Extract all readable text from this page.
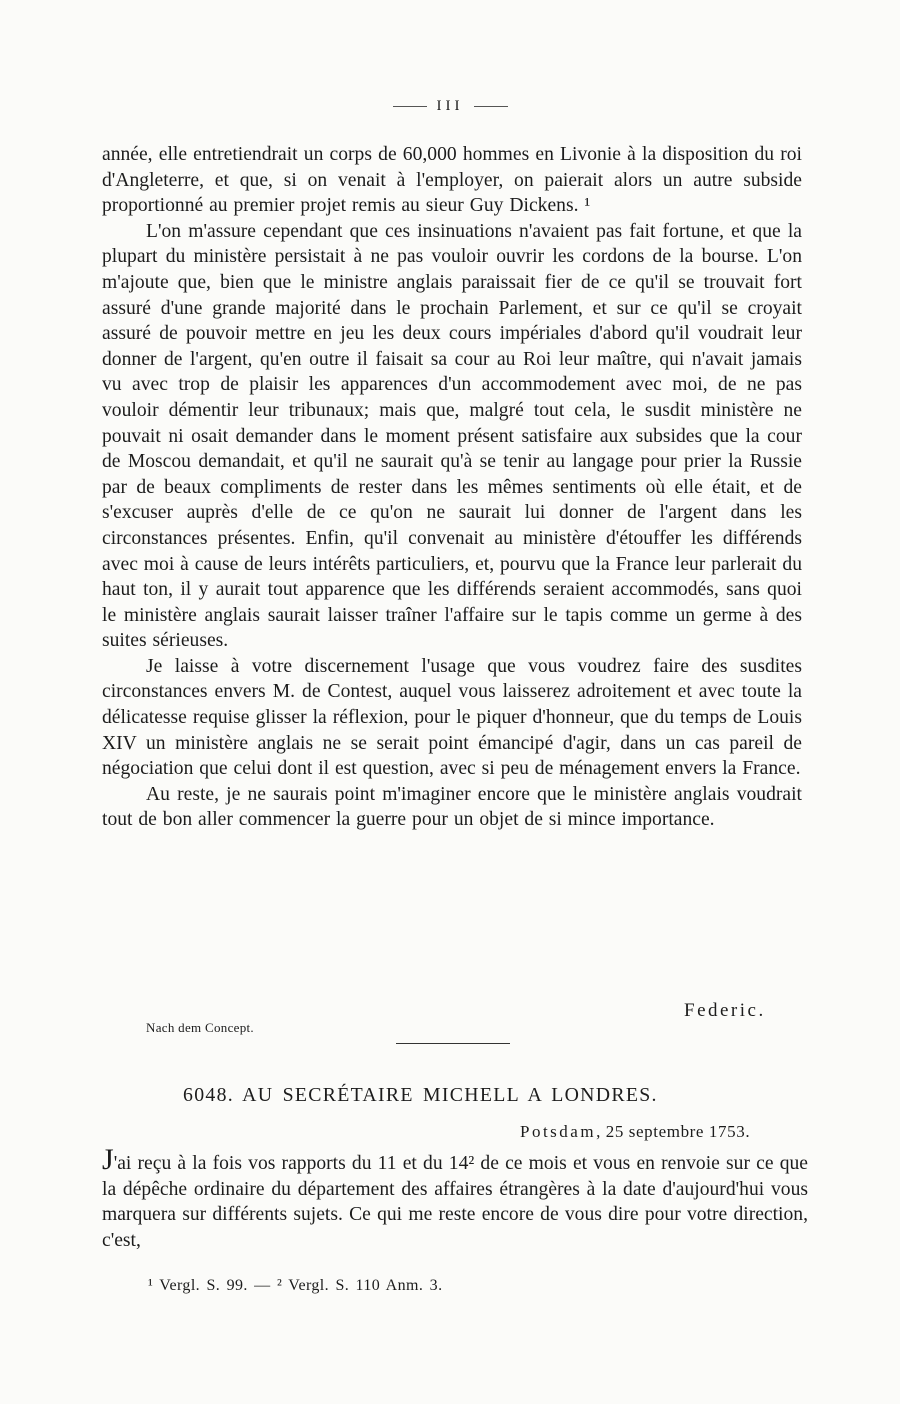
III

année, elle entretiendrait un corps de 60,000 hommes en Livonie à la disposition du roi d'Angleterre, et que, si on venait à l'employer, on paierait alors un autre subside proportionné au premier projet remis au sieur Guy Dickens. ¹

L'on m'assure cependant que ces insinuations n'avaient pas fait fortune, et que la plupart du ministère persistait à ne pas vouloir ouvrir les cordons de la bourse. L'on m'ajoute que, bien que le ministre anglais paraissait fier de ce qu'il se trouvait fort assuré d'une grande majorité dans le prochain Parlement, et sur ce qu'il se croyait assuré de pouvoir mettre en jeu les deux cours impériales d'abord qu'il voudrait leur donner de l'argent, qu'en outre il faisait sa cour au Roi leur maître, qui n'avait jamais vu avec trop de plaisir les apparences d'un accommodement avec moi, de ne pas vouloir démentir leur tribunaux; mais que, malgré tout cela, le susdit ministère ne pouvait ni osait demander dans le moment présent satisfaire aux subsides que la cour de Moscou demandait, et qu'il ne saurait qu'à se tenir au langage pour prier la Russie par de beaux compliments de rester dans les mêmes sentiments où elle était, et de s'excuser auprès d'elle de ce qu'on ne saurait lui donner de l'argent dans les circonstances présentes. Enfin, qu'il convenait au ministère d'étouffer les différends avec moi à cause de leurs intérêts particuliers, et, pourvu que la France leur parlerait du haut ton, il y aurait tout apparence que les différends seraient accommodés, sans quoi le ministère anglais saurait laisser traîner l'affaire sur le tapis comme un germe à des suites sérieuses.

Je laisse à votre discernement l'usage que vous voudrez faire des susdites circonstances envers M. de Contest, auquel vous laisserez adroitement et avec toute la délicatesse requise glisser la réflexion, pour le piquer d'honneur, que du temps de Louis XIV un ministère anglais ne se serait point émancipé d'agir, dans un cas pareil de négociation que celui dont il est question, avec si peu de ménagement envers la France.

Au reste, je ne saurais point m'imaginer encore que le ministère anglais voudrait tout de bon aller commencer la guerre pour un objet de si mince importance.

Federic.
Nach dem Concept.
6048. AU SECRÉTAIRE MICHELL A LONDRES.
Potsdam, 25 septembre 1753.

J'ai reçu à la fois vos rapports du 11 et du 14² de ce mois et vous en renvoie sur ce que la dépêche ordinaire du département des affaires étrangères à la date d'aujourd'hui vous marquera sur différents sujets. Ce qui me reste encore de vous dire pour votre direction, c'est,

¹ Vergl. S. 99. — ² Vergl. S. 110 Anm. 3.
